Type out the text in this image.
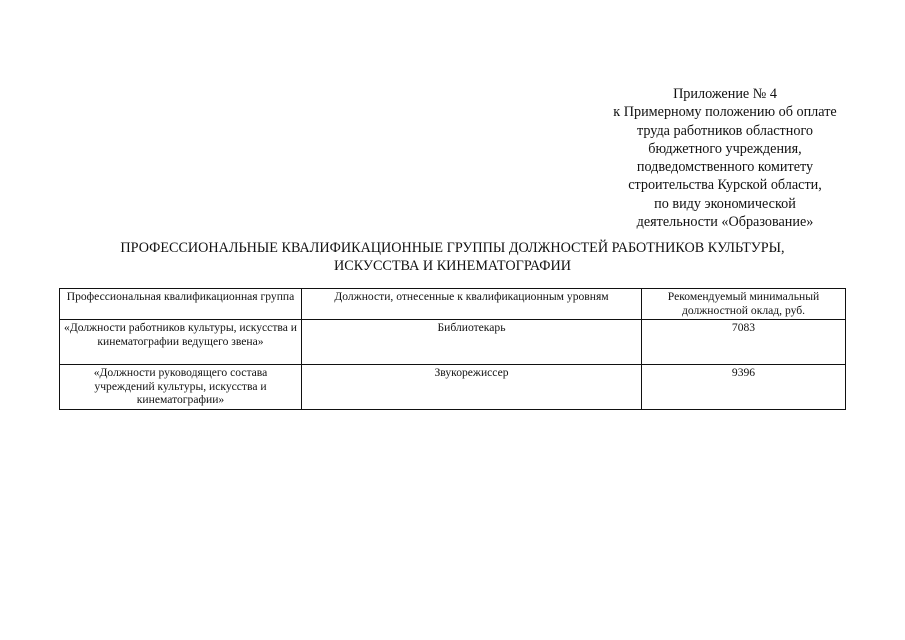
Приложение № 4
к Примерному положению об оплате
труда работников областного
бюджетного учреждения,
подведомственного комитету
строительства Курской области,
по виду экономической
деятельности «Образование»
ПРОФЕССИОНАЛЬНЫЕ КВАЛИФИКАЦИОННЫЕ ГРУППЫ ДОЛЖНОСТЕЙ РАБОТНИКОВ КУЛЬТУРЫ,
ИСКУССТВА И КИНЕМАТОГРАФИИ
Профессиональная квалификационная группа	Должности, отнесенные к квалификационным уровням	Рекомендуемый минимальный должностной оклад, руб.
«Должности работников культуры, искусства и кинематографии ведущего звена»	Библиотекарь	7083
«Должности руководящего состава учреждений культуры, искусства и кинематографии»	Звукорежиссер	9396
